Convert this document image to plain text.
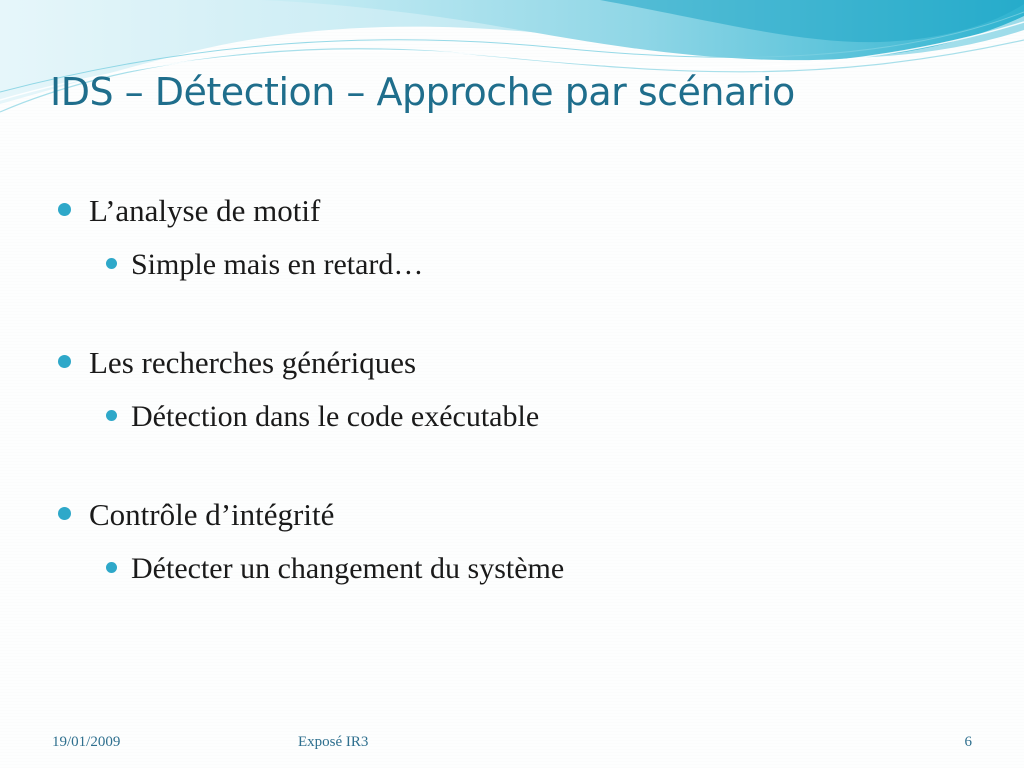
IDS – Détection – Approche par scénario
L’analyse de motif
Simple mais en retard…
Les recherches génériques
Détection dans le code exécutable
Contrôle d’intégrité
Détecter un changement du système
19/01/2009	Exposé IR3	6
